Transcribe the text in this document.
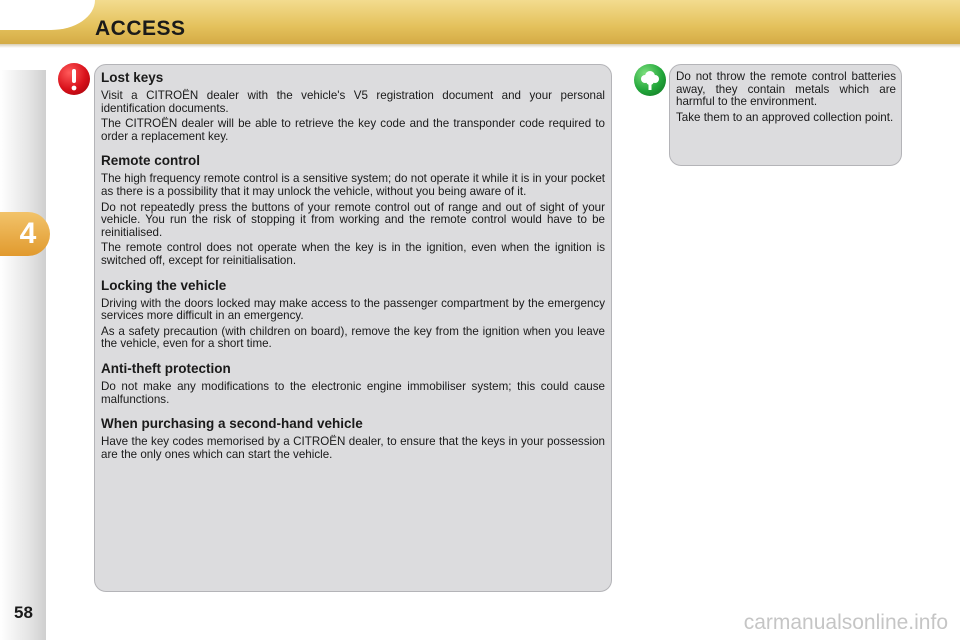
ACCESS
4
58
Lost keys

Visit a CITROËN dealer with the vehicle's V5 registration document and your personal identification documents.

The CITROËN dealer will be able to retrieve the key code and the transponder code required to order a replacement key.

Remote control

The high frequency remote control is a sensitive system; do not operate it while it is in your pocket as there is a possibility that it may unlock the vehicle, without you being aware of it.

Do not repeatedly press the buttons of your remote control out of range and out of sight of your vehicle. You run the risk of stopping it from working and the remote control would have to be reinitialised.

The remote control does not operate when the key is in the ignition, even when the ignition is switched off, except for reinitialisation.

Locking the vehicle

Driving with the doors locked may make access to the passenger compartment by the emergency services more difficult in an emergency.

As a safety precaution (with children on board), remove the key from the ignition when you leave the vehicle, even for a short time.

Anti-theft protection

Do not make any modifications to the electronic engine immobiliser system; this could cause malfunctions.

When purchasing a second-hand vehicle

Have the key codes memorised by a CITROËN dealer, to ensure that the keys in your possession are the only ones which can start the vehicle.

Do not throw the remote control batteries away, they contain metals which are harmful to the environment.

Take them to an approved collection point.

carmanualsonline.info
